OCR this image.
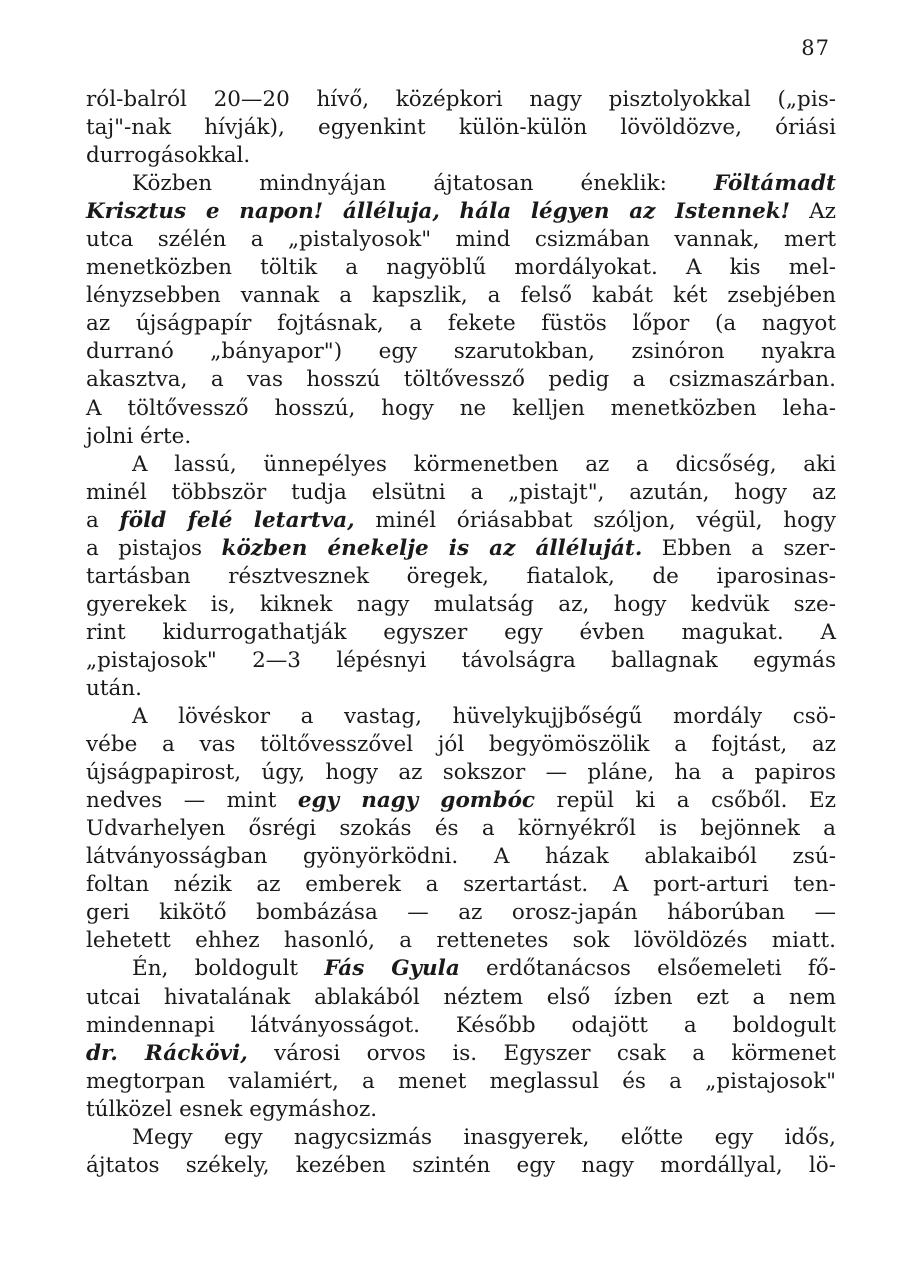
87
ról-balról 20—20 hívő, középkori nagy pisztolyokkal („pis-
taj"-nak hívják), egyenkint külön-külön lövöldözve, óriási
durrogásokkal.
Közben mindnyájan ájtatosan éneklik: Föltámadt
Krisztus e napon! álléluja, hála légyen az Istennek! Az
utca szélén a „pistalyosok" mind csizmában vannak, mert
menetközben töltik a nagyöblű mordályokat. A kis mel-
lényzsebben vannak a kapszlik, a felső kabát két zsebjében
az újságpapír fojtásnak, a fekete füstös lőpor (a nagyot
durranó „bányapor") egy szarutokban, zsinóron nyakra
akasztva, a vas hosszú töltővessző pedig a csizmaszárban.
A töltővessző hosszú, hogy ne kelljen menetközben leha-
jolni érte.
A lassú, ünnepélyes körmenetben az a dicsőség, aki
minél többször tudja elsütni a „pistajt", azután, hogy az
a föld felé letartva, minél óriásabbat szóljon, végül, hogy
a pistajos közben énekelje is az álléluját. Ebben a szer-
tartásban résztvesznek öregek, fiatalok, de iparosinas-
gyerekek is, kiknek nagy mulatság az, hogy kedvük sze-
rint kidurrogathatják egyszer egy évben magukat. A
„pistajosok" 2—3 lépésnyi távolságra ballagnak egymás
után.
A lövéskor a vastag, hüvelykujjbőségű mordály csö-
vébe a vas töltővesszővel jól begyömöszölik a fojtást, az
újságpapirost, úgy, hogy az sokszor — pláne, ha a papiros
nedves — mint egy nagy gombóc repül ki a csőből. Ez
Udvarhelyen ősrégi szokás és a környékről is bejönnek a
látványosságban gyönyörködni. A házak ablakaiból zsú-
foltan nézik az emberek a szertartást. A port-arturi ten-
geri kikötő bombázása — az orosz-japán háborúban —
lehetett ehhez hasonló, a rettenetes sok lövöldözés miatt.
Én, boldogult Fás Gyula erdőtanácsos elsőemeleti fő-
utcai hivatalának ablakából néztem első ízben ezt a nem
mindennapi látványosságot. Később odajött a boldogult
dr. Ráckövi, városi orvos is. Egyszer csak a körmenet
megtorpan valamiért, a menet meglassul és a „pistajosok"
túlközel esnek egymáshoz.
Megy egy nagycsizmás inasgyerek, előtte egy idős,
ájtatos székely, kezében szintén egy nagy mordállyal, lö-
